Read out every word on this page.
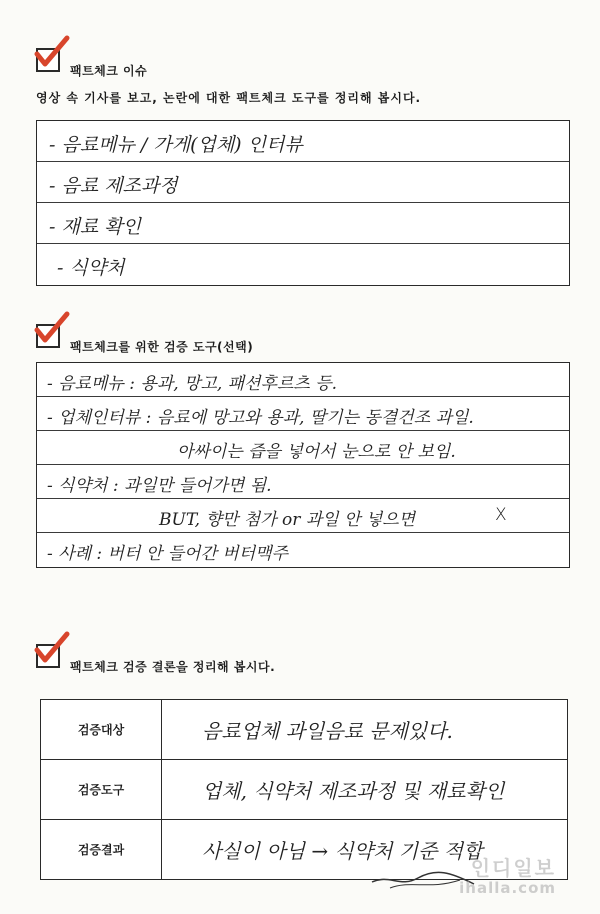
팩트체크 이슈
영상 속 기사를 보고, 논란에 대한 팩트체크 도구를 정리해 봅시다.
- 음료메뉴 / 가게(업체) 인터뷰
- 음료 제조과정
- 재료 확인
- 식약처
팩트체크를 위한 검증 도구(선택)
- 음료메뉴 : 용과, 망고, 패션후르츠 등.
- 업체인터뷰 : 음료에 망고와 용과, 딸기는 동결건조 과일.
아싸이는 즙을 넣어서 눈으로 안 보임.
- 식약처 : 과일만 들어가면 됨.
BUT, 향만 첨가 or 과일 안 넣으면	X
- 사례 : 버터 안 들어간 버터맥주
팩트체크 검증 결론을 정리해 봅시다.
검증대상	음료업체 과일음료 문제있다.
검증도구	업체, 식약처 제조과정 및 재료확인
검증결과	사실이 아님 → 식약처 기준 적합
인디일보
ihalla.com
